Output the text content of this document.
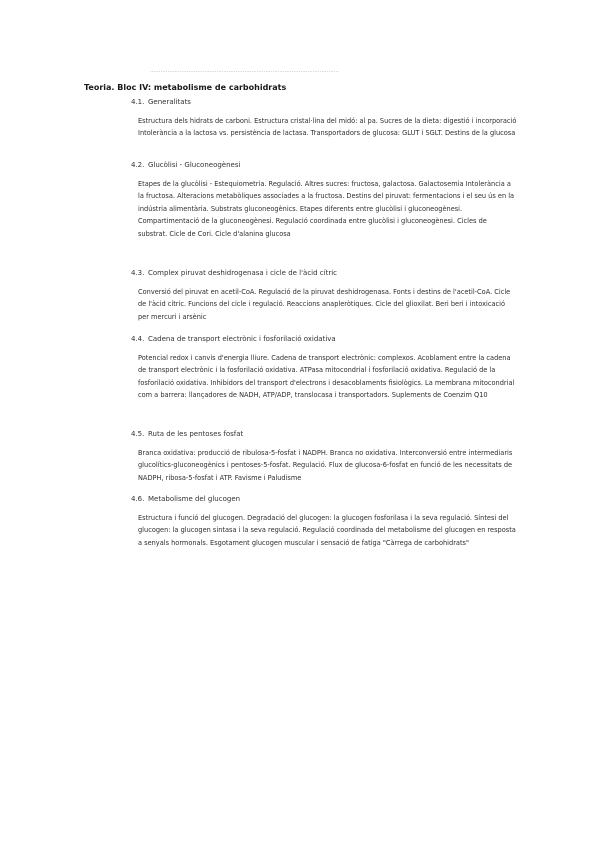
............................................................................................................
Teoria. Bloc IV: metabolisme de carbohidrats
4.1. Generalitats
Estructura dels hidrats de carboni. Estructura cristal·lina del midó: al pa. Sucres de la dieta: digestió i incorporació Intolerància a la lactosa vs. persistència de lactasa. Transportadors de glucosa: GLUT i SGLT. Destins de la glucosa
4.2. Glucòlisi - Gluconeogènesi
Etapes de la glucòlisi - Estequiometria. Regulació. Altres sucres: fructosa, galactosa. Galactosemia Intolerància a la fructosa. Alteracions metabòliques associades a la fructosa. Destins del piruvat: fermentacions i el seu ús en la indústria alimentària. Substrats gluconeogènics. Etapes diferents entre glucòlisi i gluconeogènesi. Compartimentació de la gluconeogènesi. Regulació coordinada entre glucòlisi i gluconeogènesi. Cicles de substrat. Cicle de Cori. Cicle d'alanina glucosa
4.3. Complex piruvat deshidrogenasa i cicle de l'àcid cítric
Conversió del piruvat en acetil-CoA. Regulació de la piruvat deshidrogenasa. Fonts i destins de l'acetil-CoA. Cicle de l'àcid cítric. Funcions del cicle i regulació. Reaccions anapleròtiques. Cicle del glioxilat. Beri beri i intoxicació per mercuri i arsènic
4.4. Cadena de transport electrònic i fosforilació oxidativa
Potencial redox i canvis d'energia lliure. Cadena de transport electrònic: complexos. Acoblament entre la cadena de transport electrònic i la fosforilació oxidativa. ATPasa mitocondrial i fosforilació oxidativa. Regulació de la fosforilació oxidativa. Inhibidors del transport d'electrons i desacoblaments fisiològics. La membrana mitocondrial com a barrera: llançadores de NADH, ATP/ADP, translocasa i transportadors. Suplements de Coenzim Q10
4.5. Ruta de les pentoses fosfat
Branca oxidativa: producció de ribulosa-5-fosfat i NADPH. Branca no oxidativa. Interconversió entre intermediaris glucolítics-gluconeogènics i pentoses-5-fosfat. Regulació. Flux de glucosa-6-fosfat en funció de les necessitats de NADPH, ribosa-5-fosfat i ATP. Favisme i Paludisme
4.6. Metabolisme del glucogen
Estructura i funció del glucogen. Degradació del glucogen: la glucogen fosforilasa i la seva regulació. Síntesi del glucogen: la glucogen sintasa i la seva regulació. Regulació coordinada del metabolisme del glucogen en resposta a senyals hormonals. Esgotament glucogen muscular i sensació de fatiga "Càrrega de carbohidrats"
